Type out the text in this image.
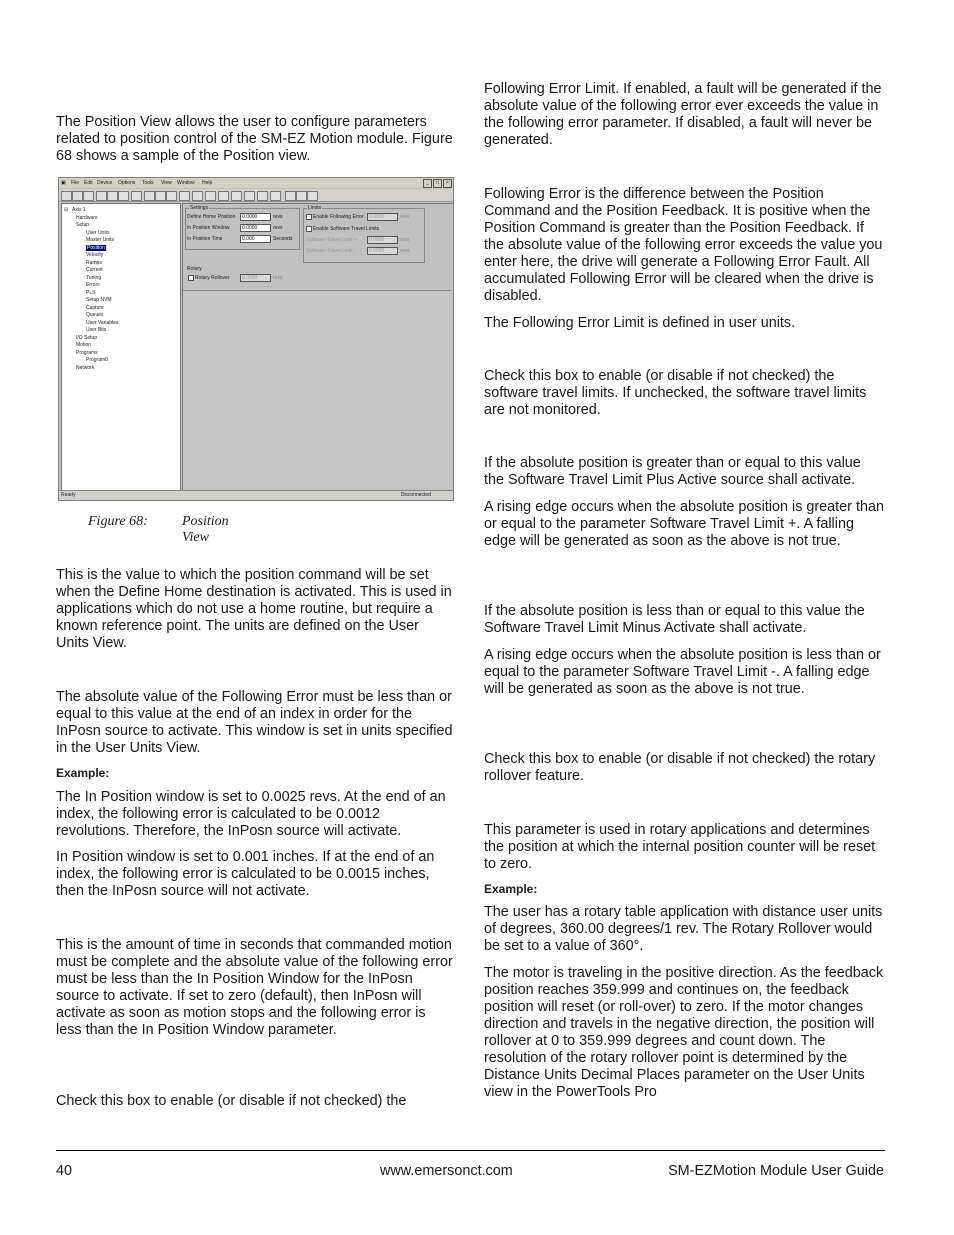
The Position View allows the user to configure parameters related to position control of the SM-EZ Motion module. Figure 68 shows a sample of the Position view.

▣ File Edit Device Options Tools View Window Help	_	□	×
⊟ Axis 1
Hardware
Setup
User Units
Master Units
Position
Velocity
Ramps
Current
Tuning
Errors
PLS
Setup NVM
Capture
Queues
User Variables
User Bits
I/O Setup
Motion
Programs
Program0
Network
Settings
Define Home Position	0.0000	revs
In Position Window	0.0000	revs
In Position Time	0.000	Seconds
Limits
Enable Following Error	0.0000	revs
Enable Software Travel Limits
Software Travel Limit +	0.0000	revs
Software Travel Limit -	0.0000	revs
Rotary
Rotary Rollover	0.0000	revs
Ready	Disconnected
Figure 68: Position View

This is the value to which the position command will be set when the Define Home destination is activated. This is used in applications which do not use a home routine, but require a known reference point. The units are defined on the User Units View.

The absolute value of the Following Error must be less than or equal to this value at the end of an index in order for the InPosn source to activate. This window is set in units specified in the User Units View.

Example:

The In Position window is set to 0.0025 revs. At the end of an index, the following error is calculated to be 0.0012 revolutions. Therefore, the InPosn source will activate.

In Position window is set to 0.001 inches. If at the end of an index, the following error is calculated to be 0.0015 inches, then the InPosn source will not activate.

This is the amount of time in seconds that commanded motion must be complete and the absolute value of the following error must be less than the In Position Window for the InPosn source to activate. If set to zero (default), then InPosn will activate as soon as motion stops and the following error is less than the In Position Window parameter.

Check this box to enable (or disable if not checked) the

Following Error Limit. If enabled, a fault will be generated if the absolute value of the following error ever exceeds the value in the following error parameter. If disabled, a fault will never be generated.

Following Error is the difference between the Position Command and the Position Feedback. It is positive when the Position Command is greater than the Position Feedback. If the absolute value of the following error exceeds the value you enter here, the drive will generate a Following Error Fault. All accumulated Following Error will be cleared when the drive is disabled.

The Following Error Limit is defined in user units.

Check this box to enable (or disable if not checked) the software travel limits. If unchecked, the software travel limits are not monitored.

If the absolute position is greater than or equal to this value the Software Travel Limit Plus Active source shall activate.

A rising edge occurs when the absolute position is greater than or equal to the parameter Software Travel Limit +. A falling edge will be generated as soon as the above is not true.

If the absolute position is less than or equal to this value the Software Travel Limit Minus Activate shall activate.

A rising edge occurs when the absolute position is less than or equal to the parameter Software Travel Limit -. A falling edge will be generated as soon as the above is not true.

Check this box to enable (or disable if not checked) the rotary rollover feature.

This parameter is used in rotary applications and determines the position at which the internal position counter will be reset to zero.

Example:

The user has a rotary table application with distance user units of degrees, 360.00 degrees/1 rev. The Rotary Rollover would be set to a value of 360°.

The motor is traveling in the positive direction. As the feedback position reaches 359.999 and continues on, the feedback position will reset (or roll-over) to zero. If the motor changes direction and travels in the negative direction, the position will rollover at 0 to 359.999 degrees and count down. The resolution of the rotary rollover point is determined by the Distance Units Decimal Places parameter on the User Units view in the PowerTools Pro

40	www.emersonct.com	SM-EZMotion Module User Guide
